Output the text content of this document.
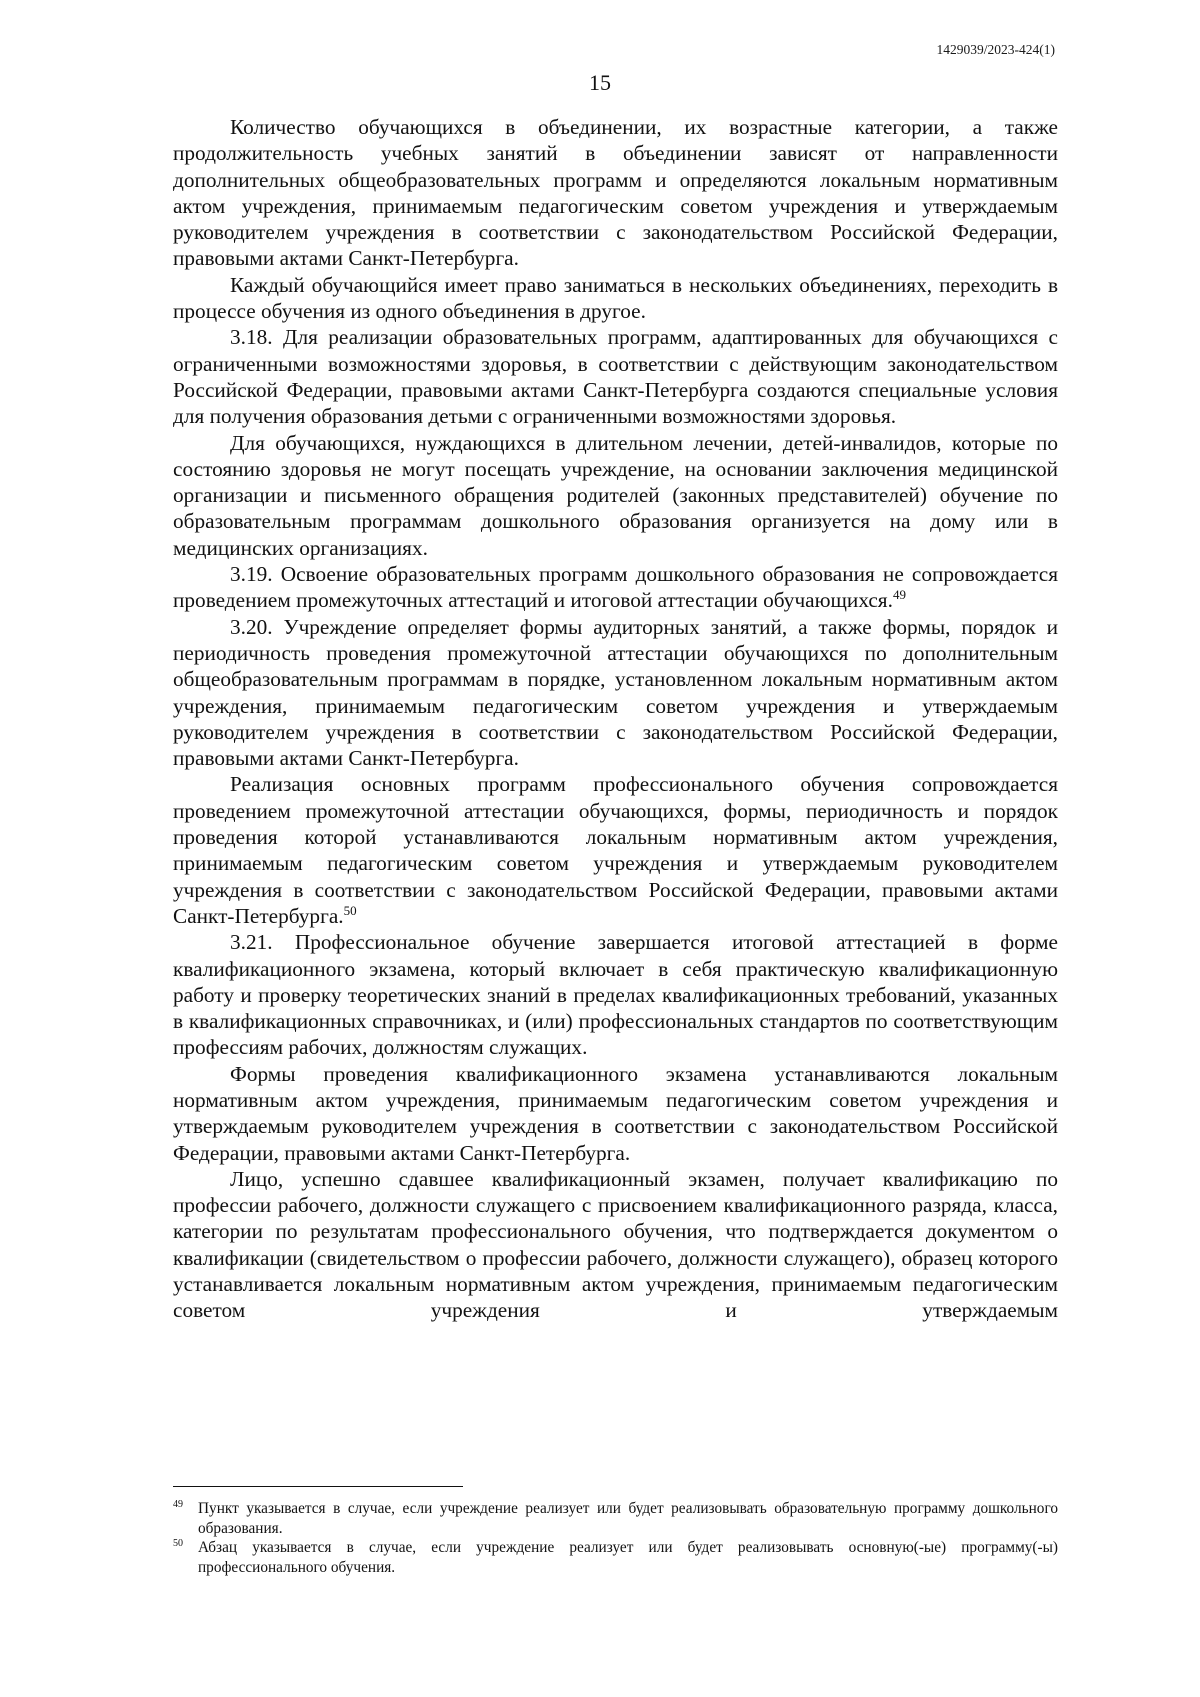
1429039/2023-424(1)
15

Количество обучающихся в объединении, их возрастные категории, а также продолжительность учебных занятий в объединении зависят от направленности дополнительных общеобразовательных программ и определяются локальным нормативным актом учреждения, принимаемым педагогическим советом учреждения и утверждаемым руководителем учреждения в соответствии с законодательством Российской Федерации, правовыми актами Санкт-Петербурга.

Каждый обучающийся имеет право заниматься в нескольких объединениях, переходить в процессе обучения из одного объединения в другое.

3.18. Для реализации образовательных программ, адаптированных для обучающихся с ограниченными возможностями здоровья, в соответствии с действующим законодательством Российской Федерации, правовыми актами Санкт-Петербурга создаются специальные условия для получения образования детьми с ограниченными возможностями здоровья.

Для обучающихся, нуждающихся в длительном лечении, детей-инвалидов, которые по состоянию здоровья не могут посещать учреждение, на основании заключения медицинской организации и письменного обращения родителей (законных представителей) обучение по образовательным программам дошкольного образования организуется на дому или в медицинских организациях.

3.19. Освоение образовательных программ дошкольного образования не сопровождается проведением промежуточных аттестаций и итоговой аттестации обучающихся.$^{49}$

3.20. Учреждение определяет формы аудиторных занятий, а также формы, порядок и периодичность проведения промежуточной аттестации обучающихся по дополнительным общеобразовательным программам в порядке, установленном локальным нормативным актом учреждения, принимаемым педагогическим советом учреждения и утверждаемым руководителем учреждения в соответствии с законодательством Российской Федерации, правовыми актами Санкт-Петербурга.

Реализация основных программ профессионального обучения сопровождается проведением промежуточной аттестации обучающихся, формы, периодичность и порядок проведения которой устанавливаются локальным нормативным актом учреждения, принимаемым педагогическим советом учреждения и утверждаемым руководителем учреждения в соответствии с законодательством Российской Федерации, правовыми актами Санкт-Петербурга.$^{50}$

3.21. Профессиональное обучение завершается итоговой аттестацией в форме квалификационного экзамена, который включает в себя практическую квалификационную работу и проверку теоретических знаний в пределах квалификационных требований, указанных в квалификационных справочниках, и (или) профессиональных стандартов по соответствующим профессиям рабочих, должностям служащих.

Формы проведения квалификационного экзамена устанавливаются локальным нормативным актом учреждения, принимаемым педагогическим советом учреждения и утверждаемым руководителем учреждения в соответствии с законодательством Российской Федерации, правовыми актами Санкт-Петербурга.

Лицо, успешно сдавшее квалификационный экзамен, получает квалификацию по профессии рабочего, должности служащего с присвоением квалификационного разряда, класса, категории по результатам профессионального обучения, что подтверждается документом о квалификации (свидетельством о профессии рабочего, должности служащего), образец которого устанавливается локальным нормативным актом учреждения, принимаемым педагогическим советом учреждения и утверждаемым

49 Пункт указывается в случае, если учреждение реализует или будет реализовывать образовательную программу дошкольного образования.

50 Абзац указывается в случае, если учреждение реализует или будет реализовывать основную(-ые) программу(-ы) профессионального обучения.
